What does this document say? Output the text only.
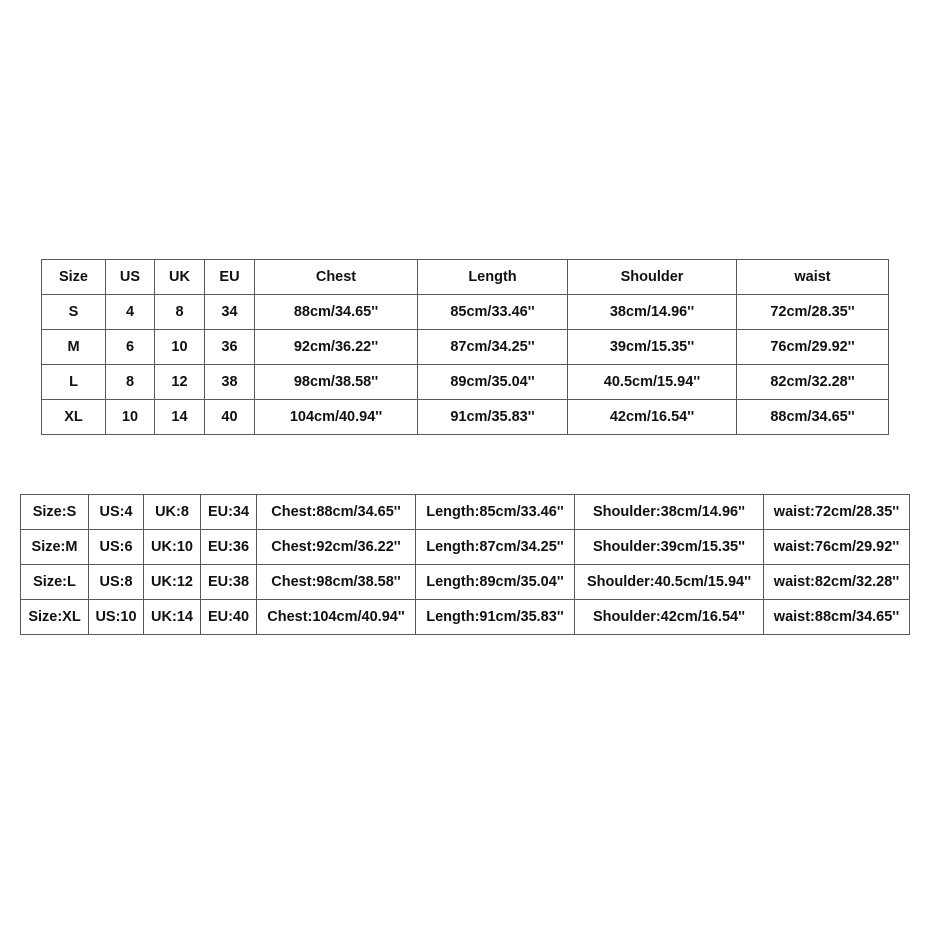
Size	US	UK	EU	Chest	Length	Shoulder	waist
S	4	8	34	88cm/34.65''	85cm/33.46''	38cm/14.96''	72cm/28.35''
M	6	10	36	92cm/36.22''	87cm/34.25''	39cm/15.35''	76cm/29.92''
L	8	12	38	98cm/38.58''	89cm/35.04''	40.5cm/15.94''	82cm/32.28''
XL	10	14	40	104cm/40.94''	91cm/35.83''	42cm/16.54''	88cm/34.65''
Size:S	US:4	UK:8	EU:34	Chest:88cm/34.65''	Length:85cm/33.46''	Shoulder:38cm/14.96''	waist:72cm/28.35''
Size:M	US:6	UK:10	EU:36	Chest:92cm/36.22''	Length:87cm/34.25''	Shoulder:39cm/15.35''	waist:76cm/29.92''
Size:L	US:8	UK:12	EU:38	Chest:98cm/38.58''	Length:89cm/35.04''	Shoulder:40.5cm/15.94''	waist:82cm/32.28''
Size:XL	US:10	UK:14	EU:40	Chest:104cm/40.94''	Length:91cm/35.83''	Shoulder:42cm/16.54''	waist:88cm/34.65''
